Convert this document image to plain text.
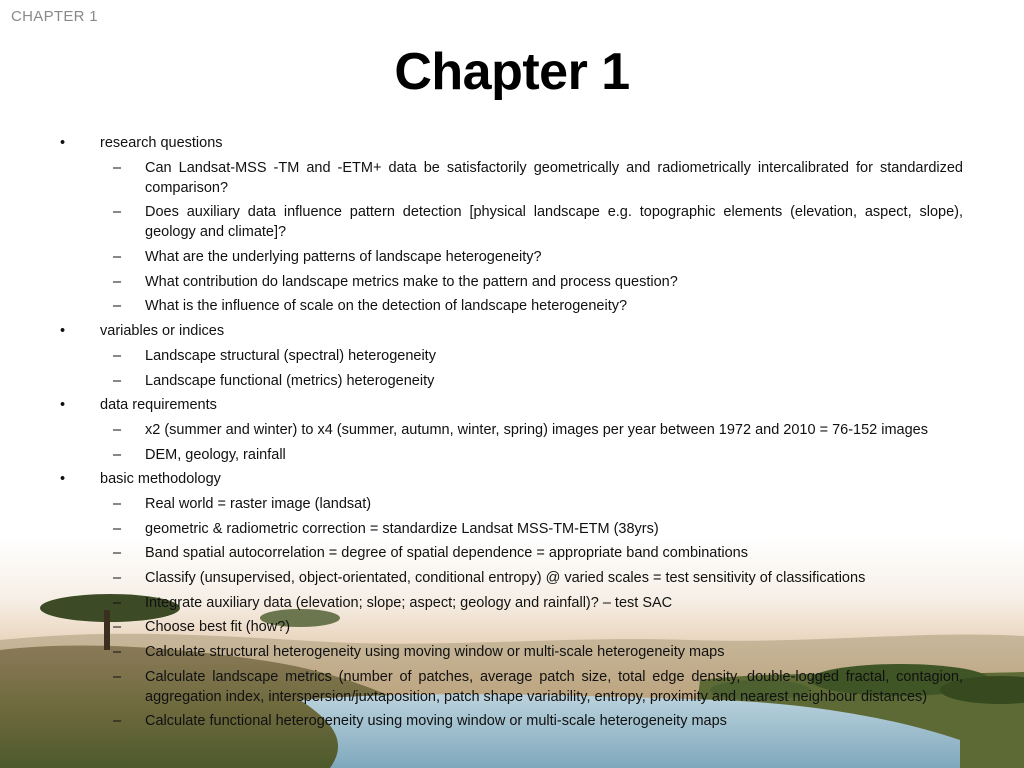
CHAPTER 1
Chapter 1
•	research questions
– Can Landsat-MSS -TM and -ETM+ data be satisfactorily geometrically and radiometrically intercalibrated for standardized comparison?
– Does auxiliary data influence pattern detection [physical landscape e.g. topographic elements (elevation, aspect, slope), geology and climate]?
– What are the underlying patterns of landscape heterogeneity?
– What contribution do landscape metrics make to the pattern and process question?
– What is the influence of scale on the detection of landscape heterogeneity?
•	variables or indices
– Landscape structural (spectral) heterogeneity
– Landscape functional (metrics) heterogeneity
•	data requirements
– x2 (summer and winter) to x4 (summer, autumn, winter, spring) images per year between 1972 and 2010 = 76-152 images
– DEM, geology, rainfall
•	basic methodology
– Real world = raster image (landsat)
– geometric & radiometric correction = standardize Landsat MSS-TM-ETM (38yrs)
– Band spatial autocorrelation = degree of spatial dependence = appropriate band combinations
– Classify (unsupervised, object-orientated, conditional entropy) @ varied scales = test sensitivity of classifications
– Integrate auxiliary data (elevation; slope; aspect; geology and rainfall)? – test SAC
– Choose best fit (how?)
– Calculate structural heterogeneity using moving window or multi-scale heterogeneity maps
– Calculate landscape metrics (number of patches, average patch size, total edge density, double-logged fractal, contagion, aggregation index, interspersion/juxtaposition, patch shape variability, entropy, proximity and nearest neighbour distances)
– Calculate functional heterogeneity using moving window or multi-scale heterogeneity maps
